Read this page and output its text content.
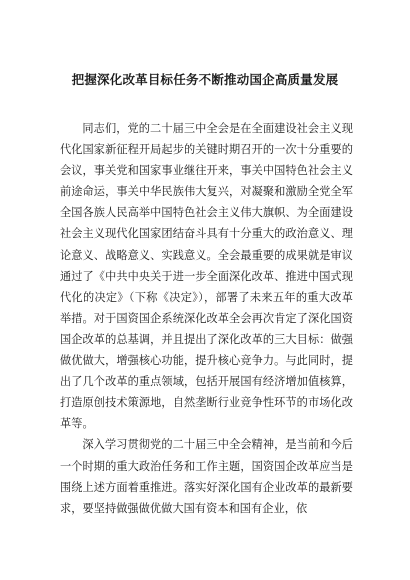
把握深化改革目标任务不断推动国企高质量发展

同志们，党的二十届三中全会是在全面建设社会主义现代化国家新征程开局起步的关键时期召开的一次十分重要的会议，事关党和国家事业继往开来，事关中国特色社会主义前途命运，事关中华民族伟大复兴，对凝聚和激励全党全军全国各族人民高举中国特色社会主义伟大旗帜、为全面建设社会主义现代化国家团结奋斗具有十分重大的政治意义、理论意义、战略意义、实践意义。全会最重要的成果就是审议通过了《中共中央关于进一步全面深化改革、推进中国式现代化的决定》（下称《决定》），部署了未来五年的重大改革举措。对于国资国企系统深化改革全会再次肯定了深化国资国企改革的总基调，并且提出了深化改革的三大目标：做强做优做大，增强核心功能，提升核心竞争力。与此同时，提出了几个改革的重点领域，包括开展国有经济增加值核算，打造原创技术策源地，自然垄断行业竞争性环节的市场化改革等。

深入学习贯彻党的二十届三中全会精神，是当前和今后一个时期的重大政治任务和工作主题，国资国企改革应当是围绕上述方面着重推进。落实好深化国有企业改革的最新要求，要坚持做强做优做大国有资本和国有企业，依
